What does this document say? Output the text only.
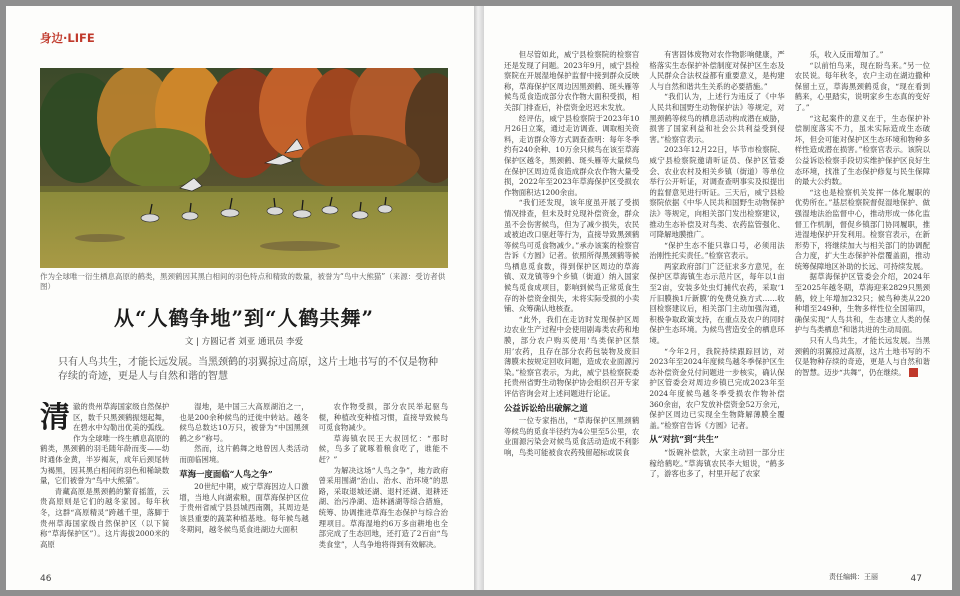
身边·LIFE
作为全球唯一衍生栖息高原的鹤类，黑颈鹤因其黑白相间的羽色特点和精致的数量，被誉为“鸟中大熊猫”（来源：受访者供图）
从“人鹤争地”到“人鹤共舞”
文 | 方圆记者 刘亚 通讯员 李爱
只有人鸟共生，才能长远发展。当黑颈鹤的羽翼掠过高原，这片土地书写的不仅是物种存续的奇迹，更是人与自然和谐的智慧

清澈的贵州草海国家级自然保护区，数千只黑颈鹤振翅起舞，在碧水中勾勒出优美的弧线。作为全球唯一终生栖息高原的鹤类，黑颈鹤的羽毛随年龄而变——幼时通体金黄，半岁褐灰，成年后颈尾转为褐黑，因其黑白相间的羽色和稀缺数量，它们被誉为“鸟中大熊猫”。

青藏高原是黑颈鹤的繁育摇篮，云贵高原则是它们的越冬家园。每年秋冬，这群“高原精灵”跨越千里，落脚于贵州草海国家级自然保护区（以下简称“草海保护区”）。这片海拔2000米的高原

湿地，是中国三大高原湖泊之一，也是200余种候鸟的迁徙中转站。越冬候鸟总数达10万只，被誉为“中国黑颈鹤之乡”称号。

然而，这片鹤舞之地曾因人类活动而面临困境。

草海一度面临“人鸟之争”

20世纪中期，威宁草海因边人口激增，当地人向湖索粮，面草海保护区位于贵州省威宁县县城西南隅，其周边是该县重要的蔬菜种植基地。每年候鸟越冬期间，越冬候鸟觅食进湖边大面积

农作物受损，部分农民举起驱鸟棍，种植改变种植习惯，直接导致候鸟可觅食物减少。

草海镇农民王大叔回忆：“那时候，鸟多了就啄着粮食吃了，谁能不赶？”

为解决这场“人鸟之争”，地方政府曾采用围湖“治山、治水、治环境”的思路，采取退城还湖、退村还湖、退耕还湖、治污净湖、造林涵湖等综合措施，统筹、协调推进草海生态保护与综合治理项目。草海湿地约6万多亩耕地也全部完成了生态回地，还打造了2百亩“鸟类食堂”，人鸟争地将得到有效解决。

46

但尽管如此，威宁县检察院的检察官还是发现了问题。2023年9月，威宁县检察院在开展湿地保护监督中接到群众反映称，草海保护区周边因黑颈鹤、斑头雁等候鸟觅食造成部分农作物大面积受损，相关部门排查后，补偿资金迟迟未发放。

经评估，威宁县检察院于2023年10月26日立案，通过走访调查、调取相关资料，走访群众等方式调查查明：每年冬季约有240余种、10万余只候鸟在该至草海保护区越冬，黑颈鹤、斑头雁等大量候鸟在保护区周边觅食造成群众农作物大量受损，2022年至2023年草海保护区受损农作物面积达1200余亩。

“我们还发现，该年度虽开展了受损情况排查，但未及时兑现补偿资金，群众虽不会伤害候鸟，但为了减少损失，农民或被迫改口驱赶等行为，直接导致黑颈鹤等候鸟可觅食物减少。”承办该案的检察官告诉《方圆》记者。依照所得黑颈鹤等候鸟栖息觅食数，得到保护区周边的草海镇、双龙镇等9个乡镇（街道）纳入国家候鸟觅食成项目，影响到候鸟正常觅食生存的补偿资金损失，未将实际受损的小卖铺、众筹确认地核查。

“此外，我们在走访时发现保护区周边农业生产过程中会使用剧毒类农药和地膜，部分农户购买使用‘鸟类保护区禁用’农药，且存在部分农药包装物及废旧薄膜未按规定回收问题，造成农业面源污染。”检察官表示，为此，威宁县检察院委托贵州省野生动物保护协会组织召开专家评估咨询会对上述问题进行论证。

公益诉讼给出破解之道

一位专家指出，“草海保护区黑颈鹤等候鸟的觅食半径约为4公里至5公里，农业面源污染会对候鸟觅食活动造成不利影响，鸟类可能被食农药残留超标或误食

有害固体废物对农作物影响健康，严格落实生态保护补偿制度对保护区生态及人民群众合法权益都有重要意义，是构建人与自然和谐共生关系的必要措施。”

“我们认为，上述行为违反了《中华人民共和国野生动物保护法》等规定，对黑颈鹤等候鸟的栖息活动构成潜在威胁，损害了国家利益和社会公共利益受到侵害。”检察官表示。

2023年12月22日，毕节市检察院、威宁县检察院邀请听证员、保护区管委会、农业农村及相关乡镇（街道）等单位举行公开听证，对调查查明事实及拟提出的监督意见进行听证。三天后，威宁县检察院依据《中华人民共和国野生动物保护法》等规定，向相关部门发出检察建议，推动生态补偿及对鸟类、农药监管强化、可降解地膜推广。

“保护生态不能只靠口号，必须用法治刚性托实责任。”检察官表示。

两家政府部门广泛征求多方意见，在保护区草海镇生态示范片区，每年以1亩至2亩，安装多处虫灯捕代农药，采取‘1斤旧膜换1斤新膜’的免费兑换方式……收回检察建议后，相关部门主动加强沟通，积极争取政策支持，在重点及农户的同时保护生态环境。为候鸟营造安全的栖息环境。

“今年2月，我院持续跟踪回访，对2023年至2024年度候鸟越冬季保护区生态补偿资金兑付问题进一步核实，确认保护区管委会对周边乡镇已完成2023年至2024年度候鸟越冬季受损农作物补偿360余亩，农户发放补偿资金52万余元，保护区周边已实现全生物降解薄膜全覆盖。”检察官告诉《方圆》记者。

从“对抗”到“共生”

“饭碗补偿款，大家主动回一部分庄稼给鹤吃。”草海镇农民李大姐说，“鹤多了，游客也多了，村里开起了农家

乐，收入反而增加了。”

“以前怕鸟来，现在盼鸟来。”另一位农民说。每年秋冬，农户主动在湖边撒种保留土豆，草海黑颈鹤觅食，“现在看到鹤来，心里踏实，说明家乡生态真的变好了。”

“这起案件的意义在于，生态保护补偿制度落实不力，虽未实际造成生态破坏，但会可能对保护区生态环境和物种多样性造成潜在损害。”检察官表示。该院以公益诉讼检察手段切实维护保护区良好生态环境，找准了生态保护修复与民生保障的最大公约数。

“这也是检察机关发挥一体化履职的优势所在。”基层检察院督促湿地保护、做强湿地法治监督中心，推动形成一体化监督工作机制，督促乡镇部门协同履职，推进湿地保护开发利用。检察官表示，在新形势下，将继续加大与相关部门的协调配合力度，扩大生态保护补偿覆盖面，推动统筹保障地区补助的长远、可持续发展。

据草海保护区管委会介绍，2024年至2025年越冬期，草海迎来2829只黑颈鹤，较上年增加232只；候鸟种类从220种增至249种，生物多样性位全国第四，确保实现“人鸟共和，生态建立人类的保护与鸟类栖息”和谐共进的生动局面。

只有人鸟共生，才能长远发展。当黑颈鹤的羽翼掠过高原，这片土地书写的不仅是物种存续的奇迹，更是人与自然和谐的智慧。迈步“共舞”，仍在继续。

责任编辑：王丽	47
